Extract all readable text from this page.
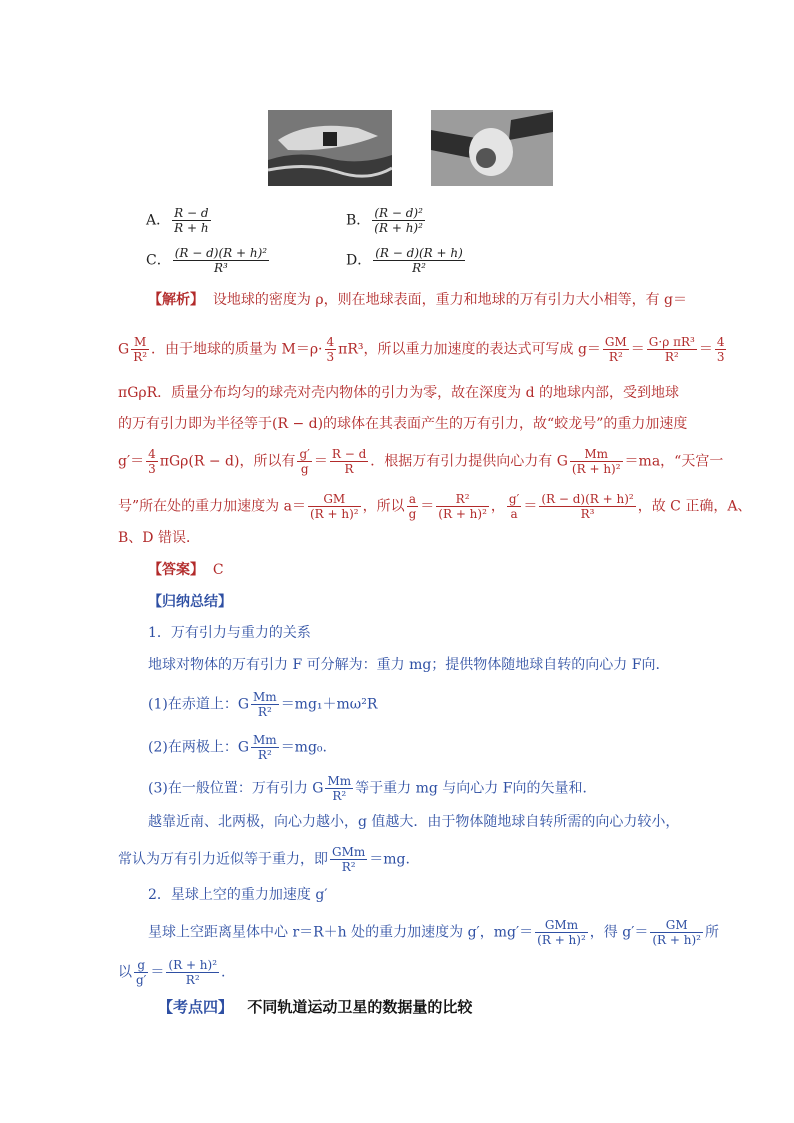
A． $\frac{R - d}{R + h}$	B． $\frac{\text{(R − d)²}}{\text{(R + h)²}}$
C． $\frac{\text{(R − d)(R + h)²}}{\text{R³}}$	D． $\frac{(R - d)(R + h)}{\text{R²}}$
【解析】 设地球的密度为 ρ，则在地球表面，重力和地球的万有引力大小相等，有 g＝
G $\frac{M}{\text{R²}}$ ．由于地球的质量为 $M=\rho\cdot \frac{4}{3} \pi R^3$，所以重力加速度的表达式可写成 $g= \frac{GM}{\text{R²}} = \frac{\text{G·ρ πR³}}{\text{R²}} = \frac{4}{3}$
πGρR．质量分布均匀的球壳对壳内物体的引力为零，故在深度为 d 的地球内部，受到地球
的万有引力即为半径等于(R − d)的球体在其表面产生的万有引力，故“蛟龙号”的重力加速度
$g'= \frac{4}{3} \pi G\rho(R - d)$，所以有 $\frac{g'}{g} = \frac{R - d}{R}$ ．根据万有引力提供向心力有 G $\frac{Mm}{\text{(R + h)²}} =ma$，“天宫一
号”所在处的重力加速度为 $a= \frac{GM}{\text{(R + h)²}}$ ，所以 $\frac{a}{g} = \frac{\text{R²}}{\text{(R + h)²}}$ ， $\frac{g'}{a} = \frac{\text{(R − d)(R + h)²}}{\text{R³}}$ ，故 C 正确，A、
B、D 错误．
【答案】 C
【归纳总结】
1．万有引力与重力的关系
地球对物体的万有引力 F 可分解为：重力 mg；提供物体随地球自转的向心力 F向.
(1)在赤道上：G $\frac{Mm}{\text{R²}} =mg_1+m\omega^2R$
(2)在两极上：G $\frac{Mm}{\text{R²}} =mg_0$.
(3)在一般位置：万有引力 G $\frac{Mm}{\text{R²}}$ 等于重力 mg 与向心力 F向的矢量和．
越靠近南、北两极，向心力越小，g 值越大．由于物体随地球自转所需的向心力较小，
常认为万有引力近似等于重力，即 $\frac{\text{GMm}}{\text{R²}} =mg$.
2．星球上空的重力加速度 g′
星球上空距离星体中心 r＝R＋h 处的重力加速度为 g′，$mg'= \frac{\text{GMm}}{\text{(R + h)²}}$ ，得 $g'= \frac{GM}{\text{(R + h)²}}$ 所
以 $\frac{g}{g'} = \frac{\text{(R + h)²}}{\text{R²}}$ .
【考点四】 不同轨道运动卫星的数据量的比较
